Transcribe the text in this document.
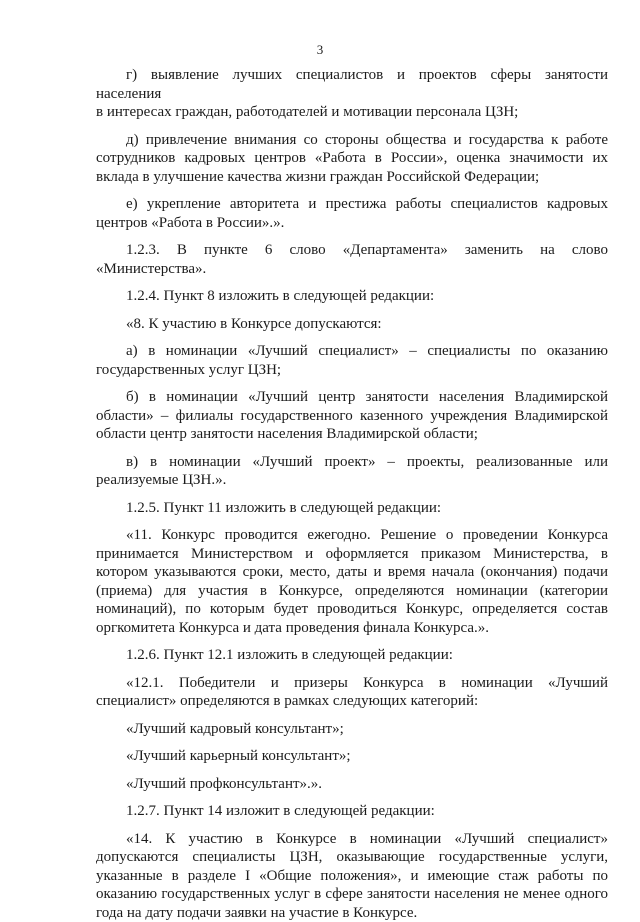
3

г) выявление лучших специалистов и проектов сферы занятости
населения
в интересах граждан, работодателей и мотивации персонала ЦЗН;

д) привлечение внимания со стороны общества и государства к работе сотрудников кадровых центров «Работа в России», оценка значимости их вклада в улучшение качества жизни граждан Российской Федерации;

е) укрепление авторитета и престижа работы специалистов кадровых центров «Работа в России».».

1.2.3. В пункте 6 слово «Департамента» заменить на слово «Министерства».

1.2.4. Пункт 8 изложить в следующей редакции:

«8. К участию в Конкурсе допускаются:

а) в номинации «Лучший специалист» – специалисты по оказанию государственных услуг ЦЗН;

б) в номинации «Лучший центр занятости населения Владимирской области» – филиалы государственного казенного учреждения Владимирской области центр занятости населения Владимирской области;

в) в номинации «Лучший проект» – проекты, реализованные или реализуемые ЦЗН.».

1.2.5. Пункт 11 изложить в следующей редакции:

«11. Конкурс проводится ежегодно. Решение о проведении Конкурса принимается Министерством и оформляется приказом Министерства, в котором указываются сроки, место, даты и время начала (окончания) подачи (приема) для участия в Конкурсе, определяются номинации (категории номинаций), по которым будет проводиться Конкурс, определяется состав оргкомитета Конкурса и дата проведения финала Конкурса.».

1.2.6. Пункт 12.1 изложить в следующей редакции:

«12.1. Победители и призеры Конкурса в номинации «Лучший специалист» определяются в рамках следующих категорий:

«Лучший кадровый консультант»;

«Лучший карьерный консультант»;

«Лучший профконсультант».».

1.2.7. Пункт 14 изложит в следующей редакции:

«14. К участию в Конкурсе в номинации «Лучший специалист» допускаются специалисты ЦЗН, оказывающие государственные услуги, указанные в разделе I «Общие положения», и имеющие стаж работы по оказанию государственных услуг в сфере занятости населения не менее одного года на дату подачи заявки на участие в Конкурсе.
